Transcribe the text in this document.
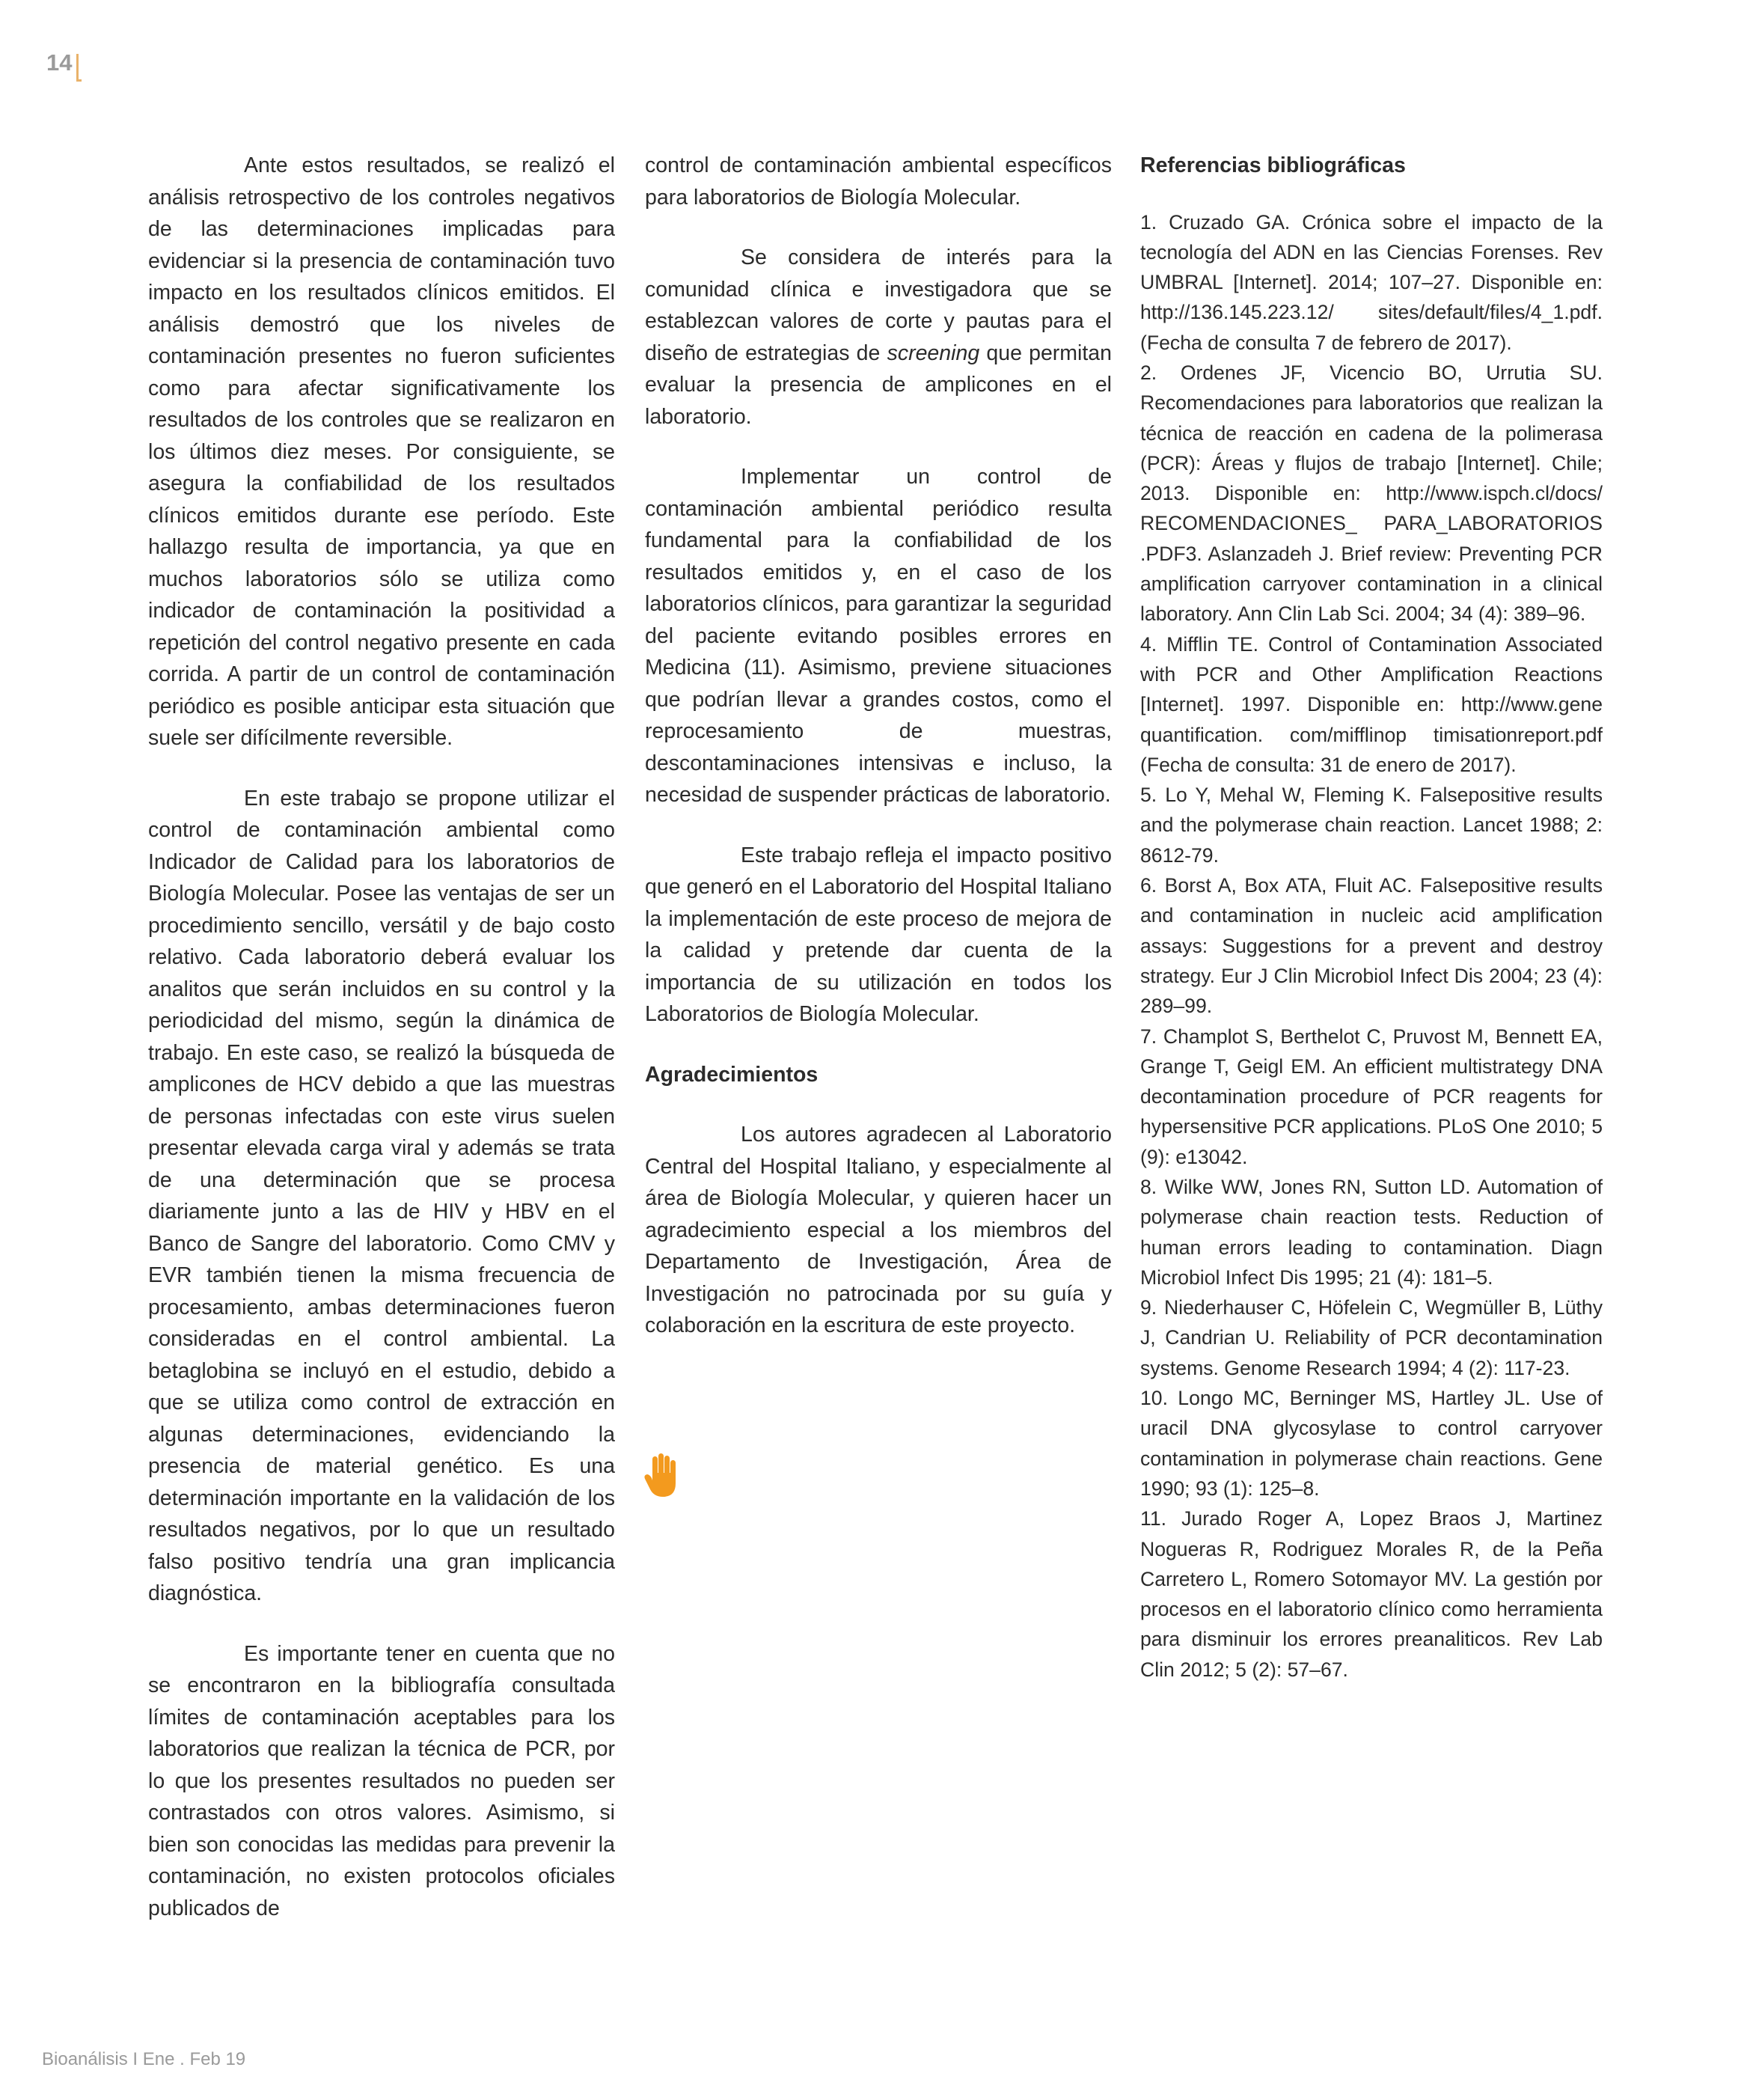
14

Ante estos resultados, se realizó el análisis retrospectivo de los controles negativos de las determinaciones implicadas para evidenciar si la presencia de contaminación tuvo impacto en los resultados clínicos emitidos. El análisis demostró que los niveles de contaminación presentes no fueron suficientes como para afectar significativamente los resultados de los controles que se realizaron en los últimos diez meses. Por consiguiente, se asegura la confiabilidad de los resultados clínicos emitidos durante ese período. Este hallazgo resulta de importancia, ya que en muchos laboratorios sólo se utiliza como indicador de contaminación la positividad a repetición del control negativo presente en cada corrida. A partir de un control de contaminación periódico es posible anticipar esta situación que suele ser difícilmente reversible.

En este trabajo se propone utilizar el control de contaminación ambiental como Indicador de Calidad para los laboratorios de Biología Molecular. Posee las ventajas de ser un procedimiento sencillo, versátil y de bajo costo relativo. Cada laboratorio deberá evaluar los analitos que serán incluidos en su control y la periodicidad del mismo, según la dinámica de trabajo. En este caso, se realizó la búsqueda de amplicones de HCV debido a que las muestras de personas infectadas con este virus suelen presentar elevada carga viral y además se trata de una determinación que se procesa diariamente junto a las de HIV y HBV en el Banco de Sangre del laboratorio. Como CMV y EVR también tienen la misma frecuencia de procesamiento, ambas determinaciones fueron consideradas en el control ambiental. La betaglobina se incluyó en el estudio, debido a que se utiliza como control de extracción en algunas determinaciones, evidenciando la presencia de material genético. Es una determinación importante en la validación de los resultados negativos, por lo que un resultado falso positivo tendría una gran implicancia diagnóstica.

Es importante tener en cuenta que no se encontraron en la bibliografía consultada límites de contaminación aceptables para los laboratorios que realizan la técnica de PCR, por lo que los presentes resultados no pueden ser contrastados con otros valores. Asimismo, si bien son conocidas las medidas para prevenir la contaminación, no existen protocolos oficiales publicados de

control de contaminación ambiental específicos para laboratorios de Biología Molecular.

Se considera de interés para la comunidad clínica e investigadora que se establezcan valores de corte y pautas para el diseño de estrategias de screening que permitan evaluar la presencia de amplicones en el laboratorio.

Implementar un control de contaminación ambiental periódico resulta fundamental para la confiabilidad de los resultados emitidos y, en el caso de los laboratorios clínicos, para garantizar la seguridad del paciente evitando posibles errores en Medicina (11). Asimismo, previene situaciones que podrían llevar a grandes costos, como el reprocesamiento de muestras, descontaminaciones intensivas e incluso, la necesidad de suspender prácticas de laboratorio.

Este trabajo refleja el impacto positivo que generó en el Laboratorio del Hospital Italiano la implementación de este proceso de mejora de la calidad y pretende dar cuenta de la importancia de su utilización en todos los Laboratorios de Biología Molecular.

Agradecimientos

Los autores agradecen al Laboratorio Central del Hospital Italiano, y especialmente al área de Biología Molecular, y quieren hacer un agradecimiento especial a los miembros del Departamento de Investigación, Área de Investigación no patrocinada por su guía y colaboración en la escritura de este proyecto.

Referencias bibliográficas
1. Cruzado GA. Crónica sobre el impacto de la tecnología del ADN en las Ciencias Forenses. Rev UMBRAL [Internet]. 2014; 107–27. Disponible en: http://136.145.223.12/ sites/default/files/4_1.pdf. (Fecha de consulta 7 de febrero de 2017).
2. Ordenes JF, Vicencio BO, Urrutia SU. Recomendaciones para laboratorios que realizan la técnica de reacción en cadena de la polimerasa (PCR): Áreas y flujos de trabajo [Internet]. Chile; 2013. Disponible en: http://www.ispch.cl/docs/ RECOMENDACIONES_ PARA_LABORATORIOS .PDF3. Aslanzadeh J. Brief review: Preventing PCR amplification carryover contamination in a clinical laboratory. Ann Clin Lab Sci. 2004; 34 (4): 389–96.
4. Mifflin TE. Control of Contamination Associated with PCR and Other Amplification Reactions [Internet]. 1997. Disponible en: http://www.gene quantification. com/mifflinop timisationreport.pdf (Fecha de consulta: 31 de enero de 2017).
5. Lo Y, Mehal W, Fleming K. Falsepositive results and the polymerase chain reaction. Lancet 1988; 2: 8612-79.
6. Borst A, Box ATA, Fluit AC. Falsepositive results and contamination in nucleic acid amplification assays: Suggestions for a prevent and destroy strategy. Eur J Clin Microbiol Infect Dis 2004; 23 (4): 289–99.
7. Champlot S, Berthelot C, Pruvost M, Bennett EA, Grange T, Geigl EM. An efficient multistrategy DNA decontamination procedure of PCR reagents for hypersensitive PCR applications. PLoS One 2010; 5 (9): e13042.
8. Wilke WW, Jones RN, Sutton LD. Automation of polymerase chain reaction tests. Reduction of human errors leading to contamination. Diagn Microbiol Infect Dis 1995; 21 (4): 181–5.
9. Niederhauser C, Höfelein C, Wegmüller B, Lüthy J, Candrian U. Reliability of PCR decontamination systems. Genome Research 1994; 4 (2): 117-23.
10. Longo MC, Berninger MS, Hartley JL. Use of uracil DNA glycosylase to control carryover contamination in polymerase chain reactions. Gene 1990; 93 (1): 125–8.
11. Jurado Roger A, Lopez Braos J, Martinez Nogueras R, Rodriguez Morales R, de la Peña Carretero L, Romero Sotomayor MV. La gestión por procesos en el laboratorio clínico como herramienta para disminuir los errores preanaliticos. Rev Lab Clin 2012; 5 (2): 57–67.
Bioanálisis I Ene . Feb 19
